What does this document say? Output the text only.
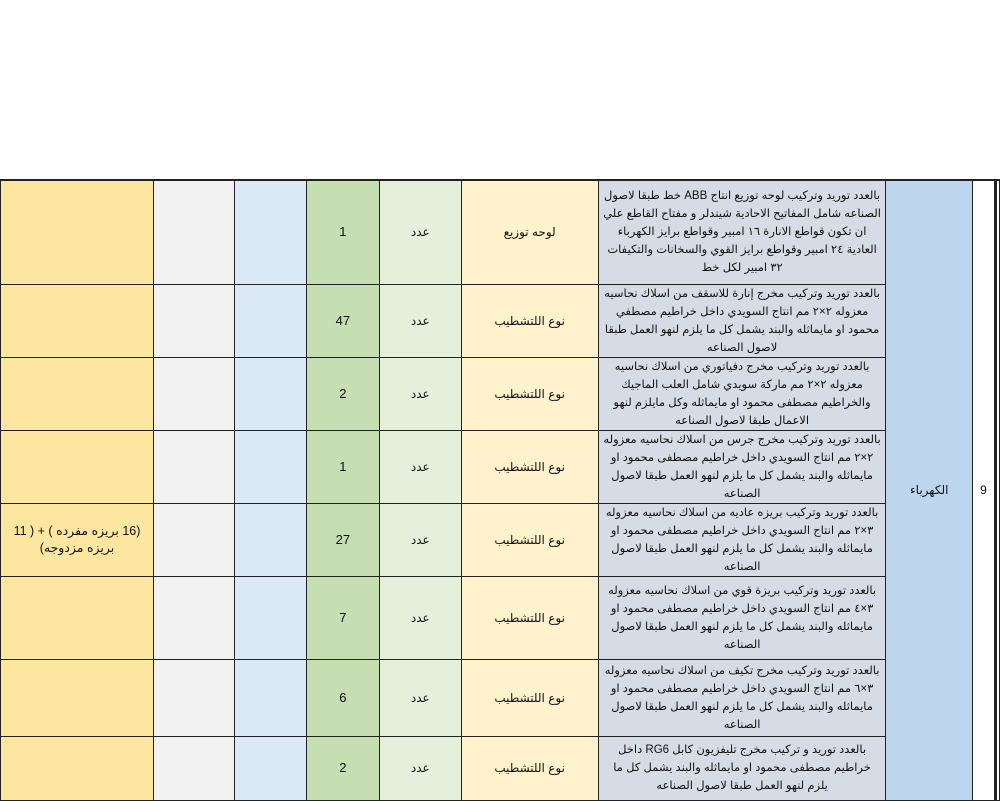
			1	عدد	لوحه توزيع	بالعدد توريد وتركيب لوحه توزيع انتاج ABB خط طبقا لاصول الصناعه شامل المفاتيح الاحادية شيندلر و مفتاح القاطع علي ان تكون قواطع الانارة ١٦ امبير وقواطع برايز الكهرباء العادية ٢٤ امبير وقواطع برايز القوي والسخانات والتكيفات ٣٢ امبير لكل خط	الكهرباء	9	

			47	عدد	نوع اللتشطيب	بالعدد توريد وتركيب مخرج إنارة للاسقف من اسلاك نحاسيه معزوله ٢×٢ مم انتاج السويدي داخل خراطيم مصطفي محمود او مايماثله والبند يشمل كل ما يلزم لنهو العمل طبقا لاصول الصناعه			

			2	عدد	نوع اللتشطيب	بالعدد توريد وتركيب مخرج دفياتوري من اسلاك نحاسيه معزوله ٢×٢ مم ماركة سويدي شامل العلب الماجيك والخراطيم مصطفى محمود او مايماثله وكل مايلزم لنهو الاعمال طبقا لاصول الصناعه			

			1	عدد	نوع اللتشطيب	بالعدد توريد وتركيب مخرج جرس من اسلاك نحاسيه معزوله ٢×٢ مم انتاج السويدي داخل خراطيم مصطفى محمود او مايماثله والبند يشمل كل ما يلزم لنهو العمل طبقا لاصول الصناعه			

(16 بريزه مفرده ) + ( 11 بريزه مزدوجه)			27	عدد	نوع اللتشطيب	بالعدد توريد وتركيب بريزه عاديه من اسلاك نحاسيه معزوله ٣×٢ مم انتاج السويدي داخل خراطيم مصطفى محمود او مايماثله والبند يشمل كل ما يلزم لنهو العمل طبقا لاصول الصناعه			

			7	عدد	نوع اللتشطيب	بالعدد توريد وتركيب بريزة قوي من اسلاك نحاسيه معزوله ٣×٤ مم انتاج السويدي داخل خراطيم مصطفى محمود او مايماثله والبند يشمل كل ما يلزم لنهو العمل طبقا لاصول الصناعه			

			6	عدد	نوع اللتشطيب	بالعدد توريد وتركيب مخرج تكيف من اسلاك نحاسيه معزوله ٣×٦ مم انتاج السويدي داخل خراطيم مصطفى محمود او مايماثله والبند يشمل كل ما يلزم لنهو العمل طبقا لاصول الصناعه			

			2	عدد	نوع اللتشطيب	بالعدد توريد و تركيب مخرج تليفزيون كابل RG6 داخل خراطيم مصطفى محمود او مايماثله والبند يشمل كل ما يلزم لنهو العمل طبقا لاصول الصناعه			
